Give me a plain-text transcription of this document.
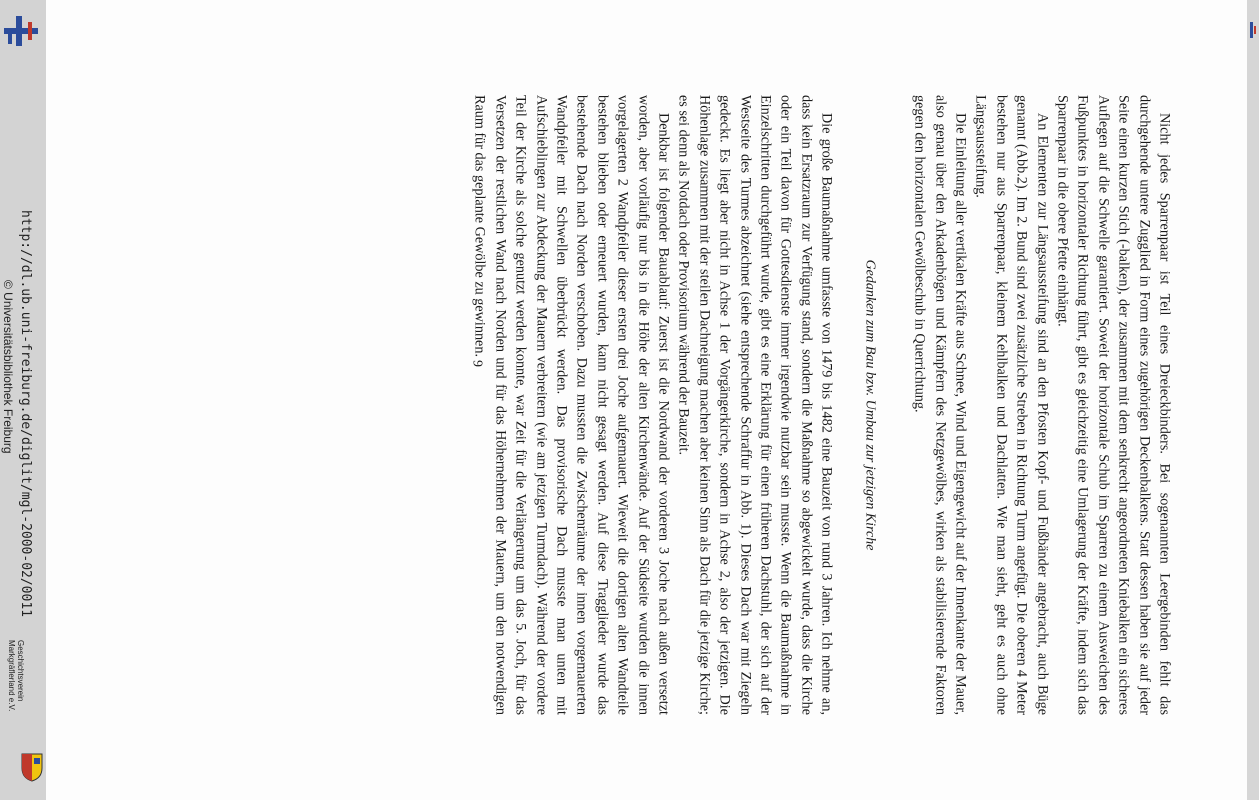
http://dl.ub.uni-freiburg.de/diglit/mgl-2000-02/0011
© Universitätsbibliothek Freiburg
Geschichtsverein
Markgräflerland e.V.	Nicht jedes Sparrenpaar ist Teil eines Dreieckbinders. Bei sogenannten Leergebinden fehlt das durchgehende untere Zugglied in Form eines zugehörigen Deckenbalkens. Statt dessen haben sie auf jeder Seite einen kurzen Stich (-balken), der zusammen mit dem senkrecht angeordneten Kniebalken ein sicheres Auflegen auf die Schwelle garantiert. Soweit der horizontale Schub im Sparren zu einem Ausweichen des Fußpunktes in horizontaler Richtung führt, gibt es gleichzeitig eine Umlagerung der Kräfte, indem sich das Sparrenpaar in die obere Pfette einhängt.

An Elementen zur Längsaussteifung sind an den Pfosten Kopf- und Fußbänder angebracht, auch Büge genannt (Abb.2). Im 2. Bund sind zwei zusätzliche Streben in Richtung Turm angefügt. Die oberen 4 Meter bestehen nur aus Sparrenpaar, kleinem Kehlbalken und Dachlatten. Wie man sieht, geht es auch ohne Längsaussteifung.

Die Einleitung aller vertikalen Kräfte aus Schnee, Wind und Eigengewicht auf der Innenkante der Mauer, also genau über den Arkadenbögen und Kämpfern des Netzgewölbes, wirken als stabilisierende Faktoren gegen den horizontalen Gewölbeschub in Querrichtung.

Gedanken zum Bau bzw. Umbau zur jetzigen Kirche

Die große Baumaßnahme umfasste von 1479 bis 1482 eine Bauzeit von rund 3 Jahren. Ich nehme an, dass kein Ersatzraum zur Verfügung stand, sondern die Maßnahme so abgewickelt wurde, dass die Kirche oder ein Teil davon für Gottesdienste immer irgendwie nutzbar sein musste. Wenn die Baumaßnahme in Einzelschritten durchgeführt wurde, gibt es eine Erklärung für einen früheren Dachstuhl, der sich auf der Westseite des Turmes abzeichnet (siehe entsprechende Schraffur in Abb. 1). Dieses Dach war mit Ziegeln gedeckt. Es liegt aber nicht in Achse 1 der Vorgängerkirche, sondern in Achse 2, also der jetzigen. Die Höhenlage zusammen mit der steilen Dachneigung machen aber keinen Sinn als Dach für die jetzige Kirche; es sei denn als Notdach oder Provisorium während der Bauzeit.

Denkbar ist folgender Bauablauf: Zuerst ist die Nordwand der vorderen 3 Joche nach außen versetzt worden, aber vorläufig nur bis in die Höhe der alten Kirchenwände. Auf der Südseite wurden die innen vorgelagerten 2 Wandpfeiler dieser ersten drei Joche aufgemauert. Wieweit die dortigen alten Wandteile bestehen blieben oder erneuert wurden, kann nicht gesagt werden. Auf diese Tragglieder wurde das bestehende Dach nach Norden verschoben. Dazu mussten die Zwischenräume der innen vorgemauerten Wandpfeiler mit Schwellen überbrückt werden. Das provisorische Dach musste man unten mit Aufschieblingen zur Abdeckung der Mauern verbreitern (wie am jetzigen Turmdach). Während der vordere Teil der Kirche als solche genutzt werden konnte, war Zeit für die Verlängerung um das 5. Joch, für das Versetzen der restlichen Wand nach Norden und für das Höhernehmen der Mauern, um den notwendigen Raum für das geplante Gewölbe zu gewinnen.

9
